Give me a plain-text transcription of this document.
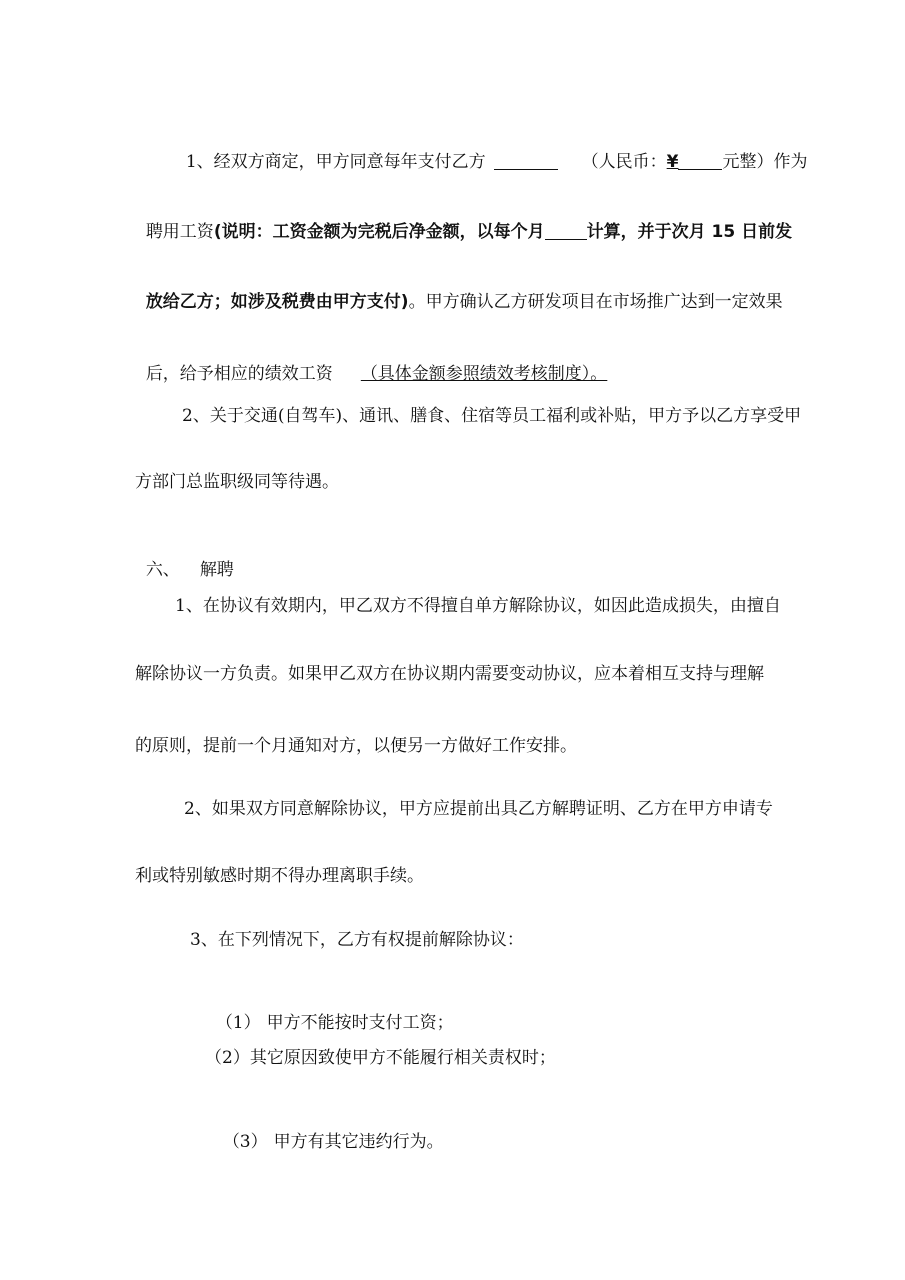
1、经双方商定，甲方同意每年支付乙方	（人民币：¥	元整）作为

聘用工资(说明：工资金额为完税后净金额，以每个月 计算，并于次月 15 日前发

放给乙方；如涉及税费由甲方支付)。甲方确认乙方研发项目在市场推广达到一定效果

后，给予相应的绩效工资 （具体金额参照绩效考核制度）。

2、关于交通(自驾车)、通讯、膳食、住宿等员工福利或补贴，甲方予以乙方享受甲
方部门总监职级同等待遇。

六、 解聘

1、在协议有效期内，甲乙双方不得擅自单方解除协议，如因此造成损失，由擅自
解除协议一方负责。如果甲乙双方在协议期内需要变动协议，应本着相互支持与理解
的原则，提前一个月通知对方，以便另一方做好工作安排。
2、如果双方同意解除协议，甲方应提前出具乙方解聘证明、乙方在甲方申请专
利或特别敏感时期不得办理离职手续。
3、在下列情况下，乙方有权提前解除协议：

（1） 甲方不能按时支付工资；

（2）其它原因致使甲方不能履行相关责权时；

（3） 甲方有其它违约行为。
